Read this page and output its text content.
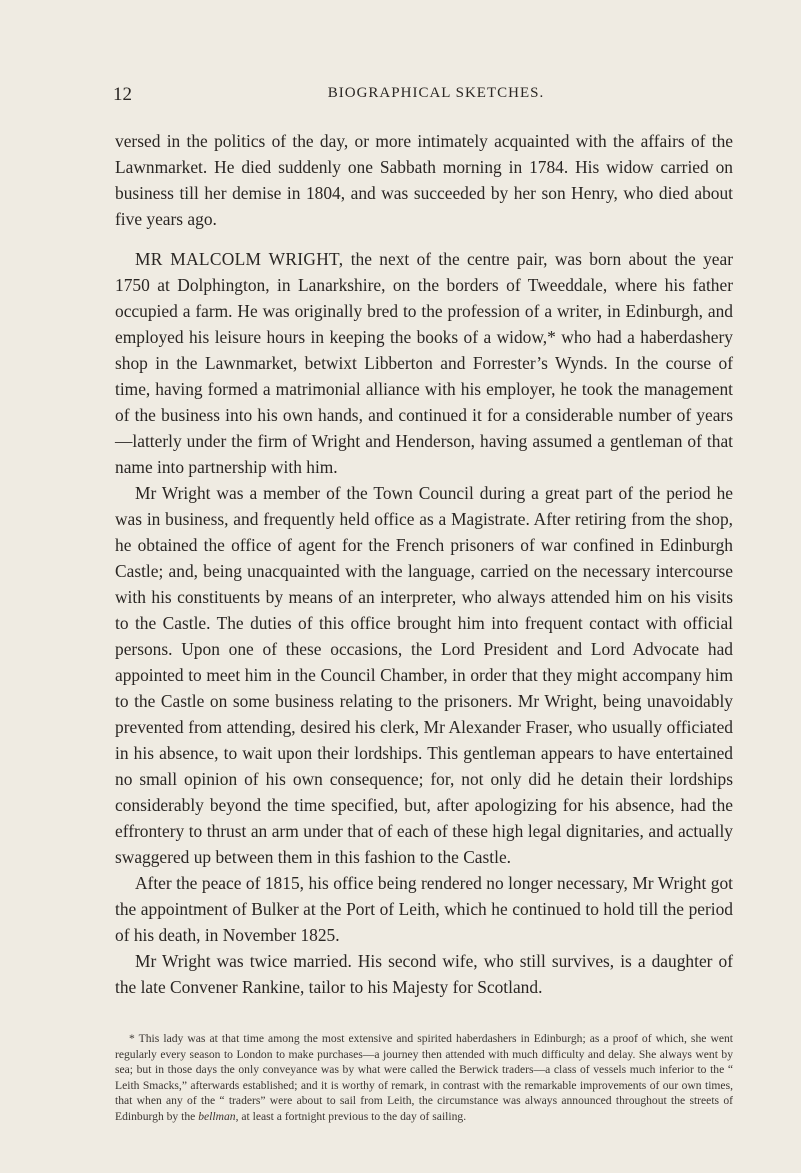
12	BIOGRAPHICAL SKETCHES.

versed in the politics of the day, or more intimately acquainted with the affairs of the Lawnmarket. He died suddenly one Sabbath morning in 1784. His widow carried on business till her demise in 1804, and was succeeded by her son Henry, who died about five years ago.

MR MALCOLM WRIGHT, the next of the centre pair, was born about the year 1750 at Dolphington, in Lanarkshire, on the borders of Tweeddale, where his father occupied a farm. He was originally bred to the profession of a writer, in Edinburgh, and employed his leisure hours in keeping the books of a widow,* who had a haberdashery shop in the Lawnmarket, betwixt Libberton and Forrester’s Wynds. In the course of time, having formed a matrimonial alliance with his employer, he took the management of the business into his own hands, and continued it for a considerable number of years—latterly under the firm of Wright and Henderson, having assumed a gentleman of that name into partnership with him.

Mr Wright was a member of the Town Council during a great part of the period he was in business, and frequently held office as a Magistrate. After retiring from the shop, he obtained the office of agent for the French prisoners of war confined in Edinburgh Castle; and, being unacquainted with the language, carried on the necessary intercourse with his constituents by means of an interpreter, who always attended him on his visits to the Castle. The duties of this office brought him into frequent contact with official persons. Upon one of these occasions, the Lord President and Lord Advocate had appointed to meet him in the Council Chamber, in order that they might accompany him to the Castle on some business relating to the prisoners. Mr Wright, being unavoidably prevented from attending, desired his clerk, Mr Alexander Fraser, who usually officiated in his absence, to wait upon their lordships. This gentleman appears to have entertained no small opinion of his own consequence; for, not only did he detain their lordships considerably beyond the time specified, but, after apologizing for his absence, had the effrontery to thrust an arm under that of each of these high legal dignitaries, and actually swaggered up between them in this fashion to the Castle.

After the peace of 1815, his office being rendered no longer necessary, Mr Wright got the appointment of Bulker at the Port of Leith, which he continued to hold till the period of his death, in November 1825.

Mr Wright was twice married. His second wife, who still survives, is a daughter of the late Convener Rankine, tailor to his Majesty for Scotland.

* This lady was at that time among the most extensive and spirited haberdashers in Edinburgh; as a proof of which, she went regularly every season to London to make purchases—a journey then attended with much difficulty and delay. She always went by sea; but in those days the only conveyance was by what were called the Berwick traders—a class of vessels much inferior to the “ Leith Smacks,” afterwards established; and it is worthy of remark, in contrast with the remarkable improvements of our own times, that when any of the “ traders” were about to sail from Leith, the circumstance was always announced throughout the streets of Edinburgh by the bellman, at least a fortnight previous to the day of sailing.
